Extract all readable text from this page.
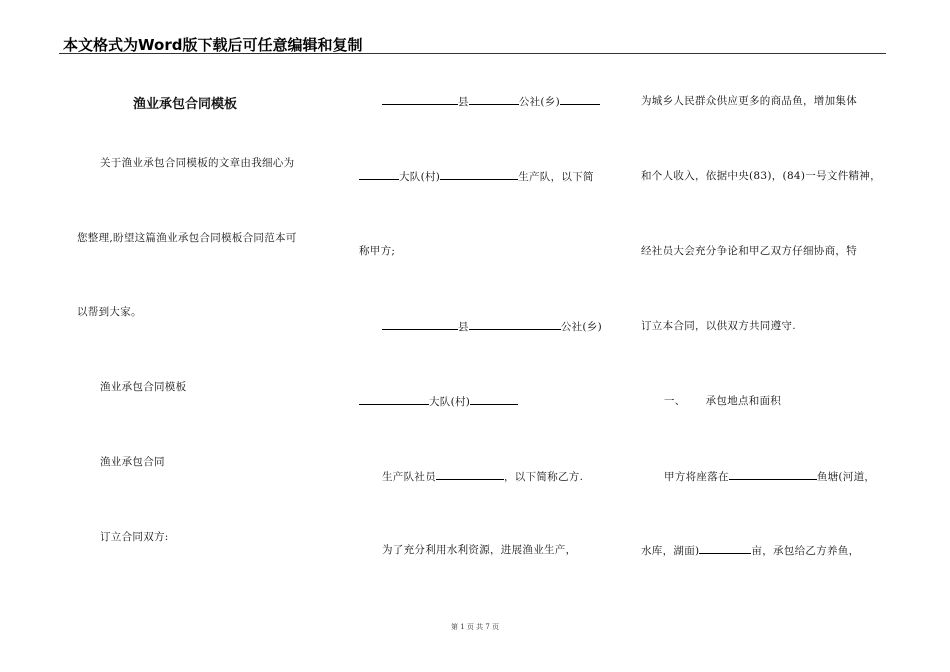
本文格式为Word版下载后可任意编辑和复制
渔业承包合同模板
关于渔业承包合同模板的文章由我细心为
您整理,盼望这篇渔业承包合同模板合同范本可
以帮到大家。
渔业承包合同模板
渔业承包合同
订立合同双方:
县	公社(乡)
大队(村)	生产队，以下简
称甲方;
县	公社(乡)
大队(村)
生产队社员	，以下简称乙方.
为了充分利用水利资源，进展渔业生产，
为城乡人民群众供应更多的商品鱼，增加集体
和个人收入，依据中央(83)，(84)一号文件精神，
经社员大会充分争论和甲乙双方仔细协商，特
订立本合同，以供双方共同遵守.
一、 承包地点和面积
甲方将座落在	鱼塘(河道，
水库，湖面)	亩，承包给乙方养鱼，
第 1 页 共 7 页
